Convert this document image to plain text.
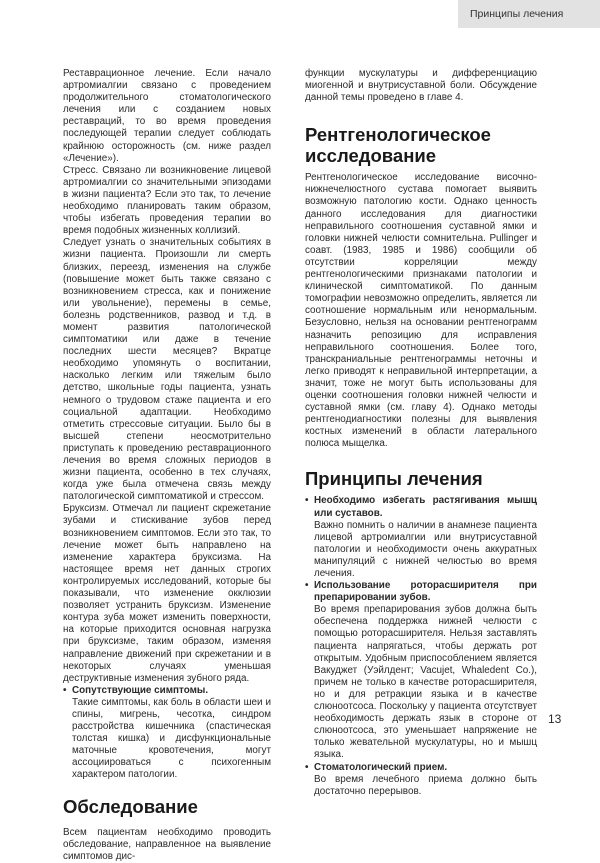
Принципы лечения

Реставрационное лечение. Если начало артромиалгии связано с проведением продолжительного стоматологического лечения или с созданием новых реставраций, то во время проведения последующей терапии следует соблюдать крайнюю осторожность (см. ниже раздел «Лечение»).

Стресс. Связано ли возникновение лицевой артромиалгии со значительными эпизодами в жизни пациента? Если это так, то лечение необходимо планировать таким образом, чтобы избегать проведения терапии во время подобных жизненных коллизий.

Следует узнать о значительных событиях в жизни пациента. Произошли ли смерть близких, переезд, изменения на службе (повышение может быть также связано с возникновением стресса, как и понижение или увольнение), перемены в семье, болезнь родственников, развод и т.д. в момент развития патологической симптоматики или даже в течение последних шести месяцев? Вкратце необходимо упомянуть о воспитании, насколько легким или тяжелым было детство, школьные годы пациента, узнать немного о трудовом стаже пациента и его социальной адаптации. Необходимо отметить стрессовые ситуации. Было бы в высшей степени неосмотрительно приступать к проведению реставрационного лечения во время сложных периодов в жизни пациента, особенно в тех случаях, когда уже была отмечена связь между патологической симптоматикой и стрессом.

Бруксизм. Отмечал ли пациент скрежетание зубами и стискивание зубов перед возникновением симптомов. Если это так, то лечение может быть направлено на изменение характера бруксизма. На настоящее время нет данных строгих контролируемых исследований, которые бы показывали, что изменение окклюзии позволяет устранить бруксизм. Изменение контура зуба может изменить поверхности, на которые приходится основная нагрузка при бруксизме, таким образом, изменяя направление движений при скрежетании и в некоторых случаях уменьшая деструктивные изменения зубного ряда.

• Сопутствующие симптомы.

Такие симптомы, как боль в области шеи и спины, мигрень, чесотка, синдром расстройства кишечника (спастическая толстая кишка) и дисфункциональные маточные кровотечения, могут ассоциироваться с психогенным характером патологии.

Обследование

Всем пациентам необходимо проводить обследование, направленное на выявление симптомов дис-

функции мускулатуры и дифференциацию миогенной и внутрисуставной боли. Обсуждение данной темы проведено в главе 4.

Рентгенологическое исследование

Рентгенологическое исследование височно-нижнечелюстного сустава помогает выявить возможную патологию кости. Однако ценность данного исследования для диагностики неправильного соотношения суставной ямки и головки нижней челюсти сомнительна. Pullinger и соавт. (1983, 1985 и 1986) сообщили об отсутствии корреляции между рентгенологическими признаками патологии и клинической симптоматикой. По данным томографии невозможно определить, является ли соотношение нормальным или ненормальным. Безусловно, нельзя на основании рентгенограмм назначить репозицию для исправления неправильного соотношения. Более того, транскраниальные рентгенограммы неточны и легко приводят к неправильной интерпретации, а значит, тоже не могут быть использованы для оценки соотношения головки нижней челюсти и суставной ямки (см. главу 4). Однако методы рентгенодиагностики полезны для выявления костных изменений в области латерального полюса мыщелка.

Принципы лечения

• Необходимо избегать растягивания мышц или суставов.

Важно помнить о наличии в анамнезе пациента лицевой артромиалгии или внутрисуставной патологии и необходимости очень аккуратных манипуляций с нижней челюстью во время лечения.

• Использование роторасширителя при препарировании зубов.

Во время препарирования зубов должна быть обеспечена поддержка нижней челюсти с помощью роторасширителя. Нельзя заставлять пациента напрягаться, чтобы держать рот открытым. Удобным приспособлением является Вакуджет (Уэйлдент; Vacujet, Whaledent Co.), причем не только в качестве роторасширителя, но и для ретракции языка и в качестве слюноотсоса. Поскольку у пациента отсутствует необходимость держать язык в стороне от слюноотсоса, это уменьшает напряжение не только жевательной мускулатуры, но и мышц языка.

• Стоматологический прием.

Во время лечебного приема должно быть достаточно перерывов.

13
